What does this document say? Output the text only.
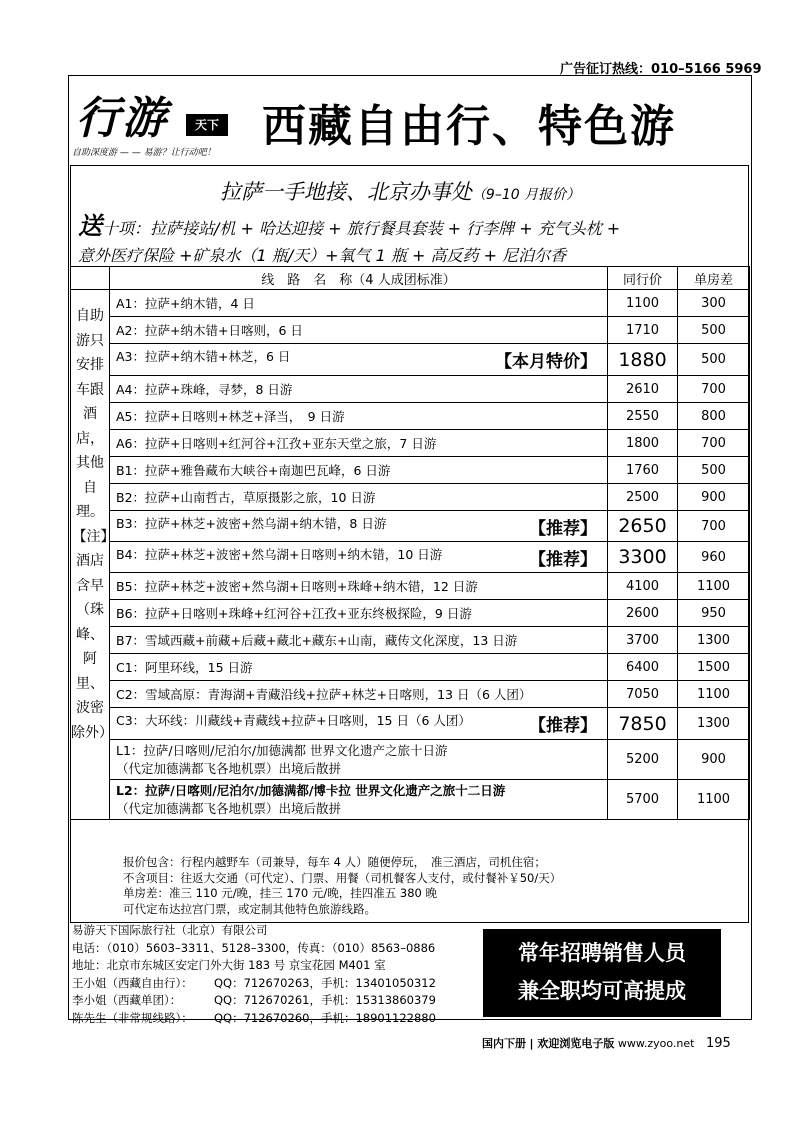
广告征订热线：010–5166 5969
行游	天下
自助深度游 — — 易游？让行动吧！
西藏自由行、特色游
拉萨一手地接、北京办事处（9–10 月报价）
送十项：拉萨接站/机 + 哈达迎接 + 旅行餐具套装 + 行李牌 + 充气头枕 +
意外医疗保险 +矿泉水（1 瓶/天）+氧气 1 瓶 + 高反药 + 尼泊尔香
	线　路　名　称（4 人成团标准）	同行价	单房差
自助游只安排车跟酒店，其他自理。【注】酒店含早（珠峰、阿里、波密除外）	A1：拉萨+纳木错，4 日	1100	300
	A2：拉萨+纳木错+日喀则，6 日	1710	500
	A3：拉萨+纳木错+林芝，6 日 【本月特价】	1880	500
	A4：拉萨+珠峰，寻梦，8 日游	2610	700
	A5：拉萨+日喀则+林芝+泽当，　9 日游	2550	800
	A6：拉萨+日喀则+红河谷+江孜+亚东天堂之旅，7 日游	1800	700
	B1：拉萨+雅鲁藏布大峡谷+南迦巴瓦峰，6 日游	1760	500
	B2：拉萨+山南哲古，草原摄影之旅，10 日游	2500	900
	B3：拉萨+林芝+波密+然乌湖+纳木错，8 日游 【推荐】	2650	700
	B4：拉萨+林芝+波密+然乌湖+日喀则+纳木错，10 日游 【推荐】	3300	960
	B5：拉萨+林芝+波密+然乌湖+日喀则+珠峰+纳木错，12 日游	4100	1100
	B6：拉萨+日喀则+珠峰+红河谷+江孜+亚东终极探险，9 日游	2600	950
	B7：雪域西藏+前藏+后藏+藏北+藏东+山南，藏传文化深度，13 日游	3700	1300
	C1：阿里环线，15 日游	6400	1500
	C2：雪域高原：青海湖+青藏沿线+拉萨+林芝+日喀则，13 日（6 人团）	7050	1100
	C3：大环线：川藏线+青藏线+拉萨+日喀则，15 日（6 人团） 【推荐】	7850	1300

	L1：拉萨/日喀则/尼泊尔/加德满都 世界文化遗产之旅十日游
（代定加德满都飞各地机票）出境后散拼	5200	900

	L2：拉萨/日喀则/尼泊尔/加德满都/博卡拉 世界文化遗产之旅十二日游
（代定加德满都飞各地机票）出境后散拼	5700	1100
报价包含：行程内越野车（司兼导，每车 4 人）随便停玩，　准三酒店，司机住宿；
不含项目：往返大交通（可代定）、门票、用餐（司机餐客人支付，或付餐补￥50/天）
单房差：准三 110 元/晚，挂三 170 元/晚，挂四准五 380 晚
可代定布达拉宫门票，或定制其他特色旅游线路。
易游天下国际旅行社（北京）有限公司
电话：（010）5603–3311、5128–3300，传真：（010）8563–0886
地址：北京市东城区安定门外大街 183 号 京宝花园 M401 室
王小姐（西藏自由行）： QQ：712670263，手机：13401050312
李小姐（西藏单团）：	QQ：712670261，手机：15313860379
陈先生（非常规线路）： QQ：712670260，手机：18901122880
常年招聘销售人员
兼全职均可高提成
国内下册 | 欢迎浏览电子版 www.zyoo.net 195
